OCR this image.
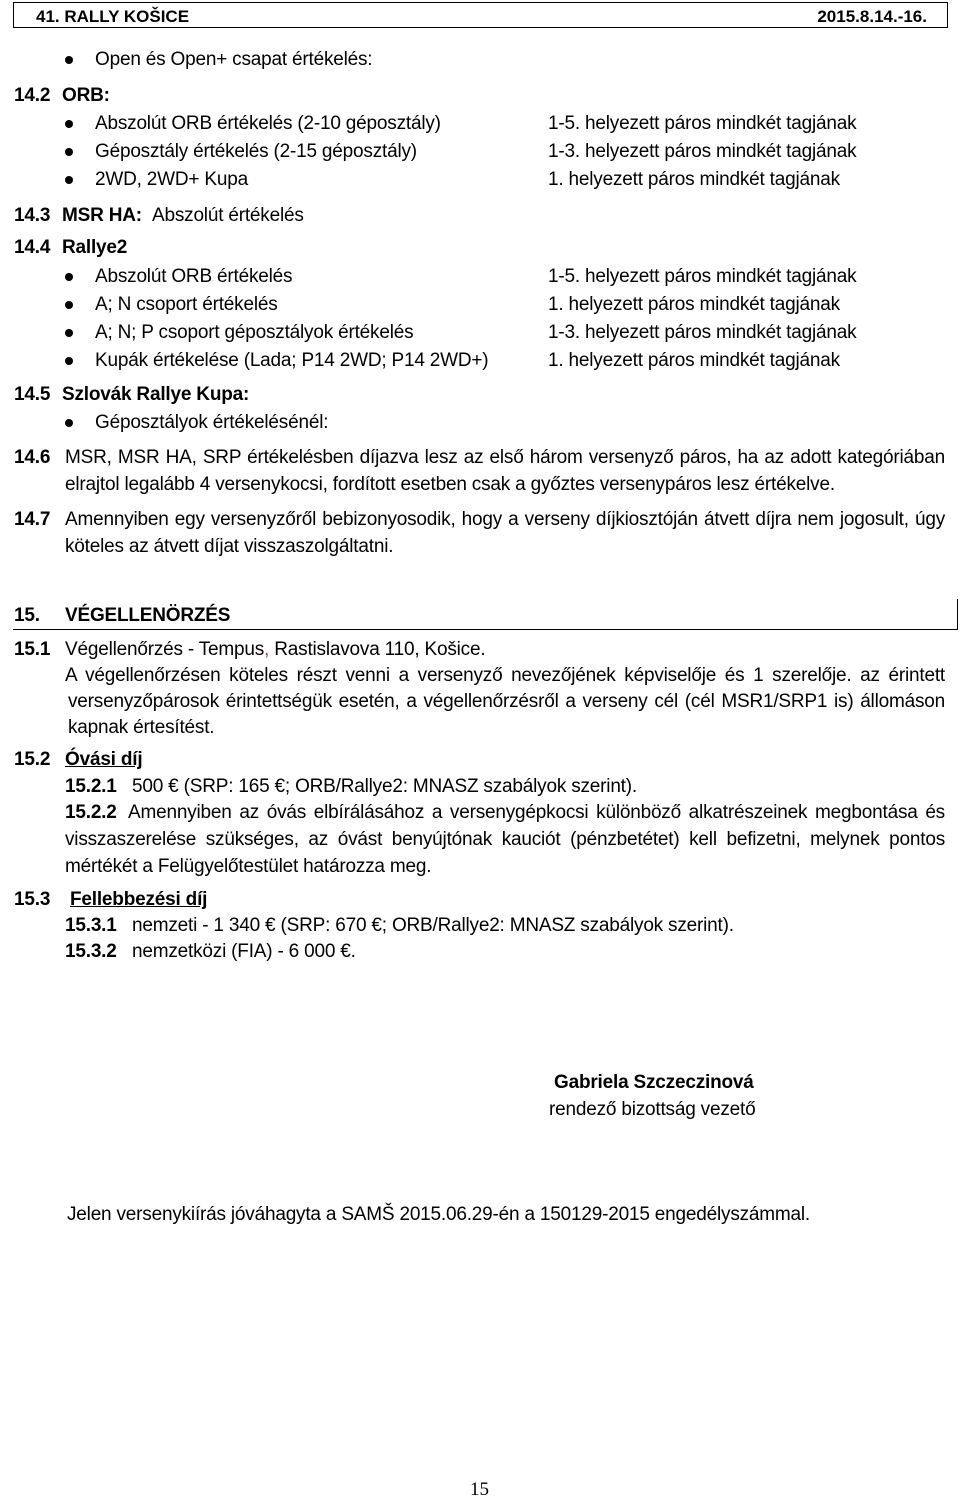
41. RALLY KOŠICE	2015.8.14.-16.
Open és Open+ csapat értékelés:
14.2 ORB:
Abszolút ORB értékelés (2-10 géposztály)	1-5. helyezett páros mindkét tagjának
Géposztály értékelés (2-15 géposztály)	1-3. helyezett páros mindkét tagjának
2WD, 2WD+ Kupa	1. helyezett páros mindkét tagjának
14.3 MSR HA: Abszolút értékelés
14.4 Rallye2
Abszolút ORB értékelés	1-5. helyezett páros mindkét tagjának
A; N csoport értékelés	1. helyezett páros mindkét tagjának
A; N; P csoport géposztályok értékelés	1-3. helyezett páros mindkét tagjának
Kupák értékelése (Lada; P14 2WD; P14 2WD+)	1. helyezett páros mindkét tagjának
14.5 Szlovák Rallye Kupa:
Géposztályok értékelésénél:
14.6 MSR, MSR HA, SRP értékelésben díjazva lesz az első három versenyző páros, ha az adott kategóriában
elrajtol legalább 4 versenykocsi, fordított esetben csak a győztes versenypáros lesz értékelve.
14.7 Amennyiben egy versenyzőről bebizonyosodik, hogy a verseny díjkiosztóján átvett díjra nem jogosult, úgy
köteles az átvett díjat visszaszolgáltatni.
15. VÉGELLENÖRZÉS
15.1 Végellenőrzés - Tempus, Rastislavova 110, Košice.
A végellenőrzésen köteles részt venni a versenyző nevezőjének képviselője és 1 szerelője. az érintett
versenyzőpárosok érintettségük esetén, a végellenőrzésről a verseny cél (cél MSR1/SRP1 is) állomáson
kapnak értesítést.
15.2 Óvási díj
15.2.1 500 € (SRP: 165 €; ORB/Rallye2: MNASZ szabályok szerint).
15.2.2 Amennyiben az óvás elbírálásához a versenygépkocsi különböző alkatrészeinek megbontása és
visszaszerelése szükséges, az óvást benyújtónak kauciót (pénzbetétet) kell befizetni, melynek pontos
mértékét a Felügyelőtestület határozza meg.
15.3 Fellebbezési díj
15.3.1 nemzeti - 1 340 € (SRP: 670 €; ORB/Rallye2: MNASZ szabályok szerint).
15.3.2 nemzetközi (FIA) - 6 000 €.
Gabriela Szczeczinová
rendező bizottság vezető
Jelen versenykiírás jóváhagyta a SAMŠ 2015.06.29-én a 150129-2015 engedélyszámmal.
15
